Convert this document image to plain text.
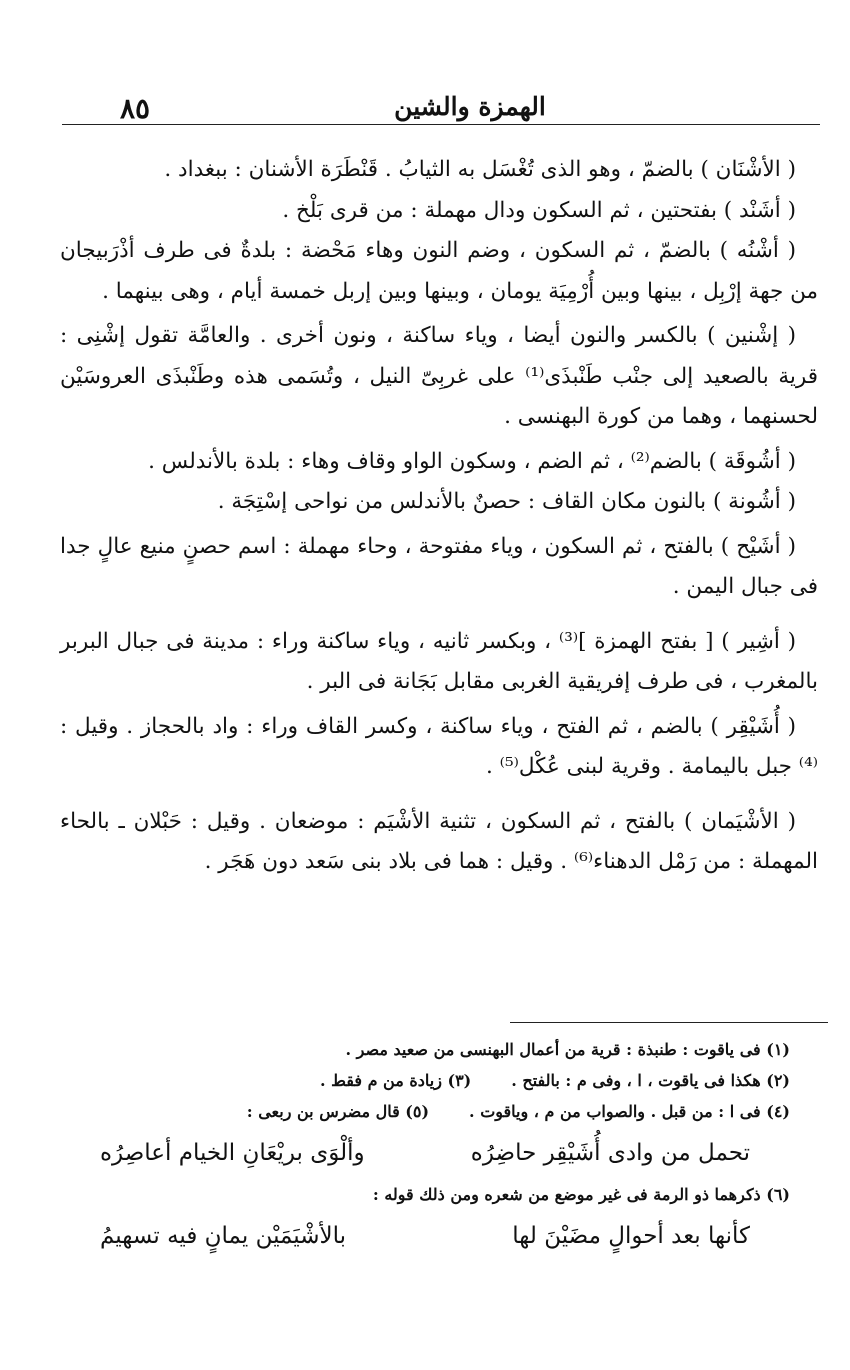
٨٥	الهمزة والشين

( الأشْنَان ) بالضمّ ، وهو الذى تُغْسَل به الثيابُ . قَنْطَرَة الأشنان : ببغداد .

( أشَنْد ) بفتحتين ، ثم السكون ودال مهملة : من قرى بَلْخ .

( أشْنُه ) بالضمّ ، ثم السكون ، وضم النون وهاء مَحْضة : بلدةٌ فى طرف أذْرَبيجان من جهة إرْبِل ، بينها وبين أُرْمِيَة يومان ، وبينها وبين إربل خمسة أيام ، وهى بينهما .

( إشْنين ) بالكسر والنون أيضا ، وياء ساكنة ، ونون أخرى . والعامَّة تقول إشْنِى : قرية بالصعيد إلى جنْب طَنْبذَى⁽¹⁾ على غربِىّ النيل ، وتُسَمى هذه وطَنْبذَى العروسَيْن لحسنهما ، وهما من كورة البهنسى .

( أشُوقَة ) بالضم⁽²⁾ ، ثم الضم ، وسكون الواو وقاف وهاء : بلدة بالأندلس .

( أشُونة ) بالنون مكان القاف : حصنٌ بالأندلس من نواحى إسْتِجَة .

( أشَيْح ) بالفتح ، ثم السكون ، وياء مفتوحة ، وحاء مهملة : اسم حصنٍ منيع عالٍ جدا فى جبال اليمن .

( أشِير ) [ بفتح الهمزة ]⁽³⁾ ، وبكسر ثانيه ، وياء ساكنة وراء : مدينة فى جبال البربر بالمغرب ، فى طرف إفريقية الغربى مقابل بَجَانة فى البر .

( أُشَيْقِر ) بالضم ، ثم الفتح ، وياء ساكنة ، وكسر القاف وراء : واد بالحجاز . وقيل :⁽⁴⁾ جبل باليمامة . وقرية لبنى عُكْل⁽⁵⁾ .

( الأشْيَمان ) بالفتح ، ثم السكون ، تثنية الأشْيَم : موضعان . وقيل : حَبْلان ـ بالحاء المهملة : من رَمْل الدهناء⁽⁶⁾ . وقيل : هما فى بلاد بنى سَعد دون هَجَر .

(١) فى ياقوت : طنبذة : قرية من أعمال البهنسى من صعيد مصر .

(٢) هكذا فى ياقوت ، ا ، وفى م : بالفتح .(٣) زيادة من م فقط .

(٤) فى ا : من قبل . والصواب من م ، وياقوت .(٥) قال مضرس بن ربعى :

تحمل من وادى أُشَيْقِر حاضِرُه
وألْوَى بريْعَانِ الخيام أعاصِرُه

(٦) ذكرهما ذو الرمة فى غير موضع من شعره ومن ذلك قوله :

كأنها بعد أحوالٍ مضَيْنَ لها
بالأشْيَمَيْن يمانٍ فيه تسهيمُ
